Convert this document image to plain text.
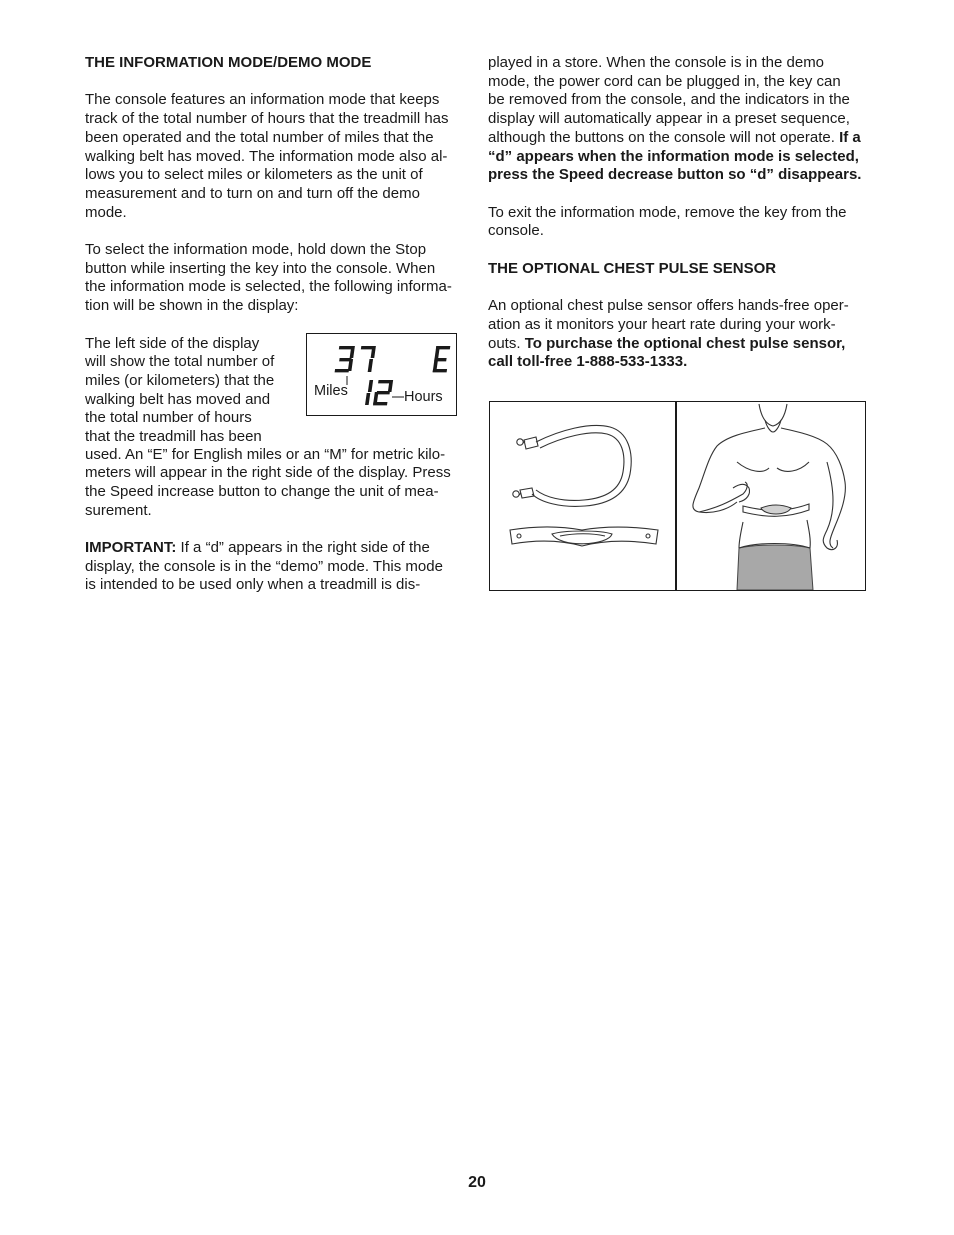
THE INFORMATION MODE/DEMO MODE

The console features an information mode that keeps
track of the total number of hours that the treadmill has
been operated and the total number of miles that the
walking belt has moved. The information mode also al-
lows you to select miles or kilometers as the unit of
measurement and to turn on and turn off the demo
mode.

To select the information mode, hold down the Stop
button while inserting the key into the console. When
the information mode is selected, the following informa-
tion will be shown in the display:

The left side of the display
will show the total number of
miles (or kilometers) that the
walking belt has moved and
the total number of hours
that the treadmill has been
Miles	Hours

used. An “E” for English miles or an “M” for metric kilo-
meters will appear in the right side of the display. Press
the Speed increase button to change the unit of mea-
surement.

IMPORTANT: If a “d” appears in the right side of the
display, the console is in the “demo” mode. This mode
is intended to be used only when a treadmill is dis-

played in a store. When the console is in the demo
mode, the power cord can be plugged in, the key can
be removed from the console, and the indicators in the
display will automatically appear in a preset sequence,
although the buttons on the console will not operate. If a
“d” appears when the information mode is selected,
press the Speed decrease button so “d” disappears.

To exit the information mode, remove the key from the
console.

THE OPTIONAL CHEST PULSE SENSOR

An optional chest pulse sensor offers hands-free oper-
ation as it monitors your heart rate during your work-
outs. To purchase the optional chest pulse sensor,
call toll-free 1-888-533-1333.

20
